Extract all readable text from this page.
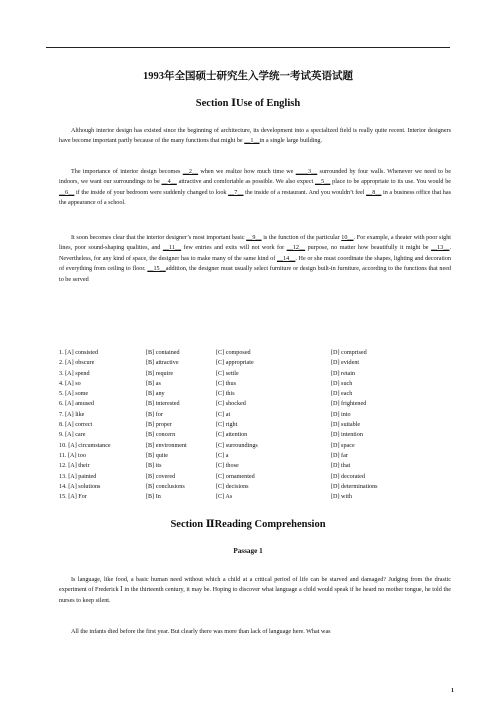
1993年全国硕士研究生入学统一考试英语试题
Section ⅠUse of English
Although interior design has existed since the beginning of architecture, its development into a specialized field is really quite recent. Interior designers have become important partly because of the many functions that might be __1__in a single large building.
The importance of interior design becomes __2__ when we realize how much time we ____3__ surrounded by four walls. Whenever we need to be indoors, we want our surroundings to be __4__ attractive and comfortable as possible. We also expect __5__ place to be appropriate to its use. You would be __6__ if the inside of your bedroom were suddenly changed to look __7__ the inside of a restaurant. And you wouldn’t feel __8__ in a business office that has the appearance of a school.
It soon becomes clear that the interior designer’s most important basic __9__ is the function of the particular 10__. For example, a theater with poor sight lines, poor sound-shaping qualities, and __11__ few entries and exits will not work for __12__ purpose, no matter how beautifully it might be __13__. Nevertheless, for any kind of space, the designer has to make many of the same kind of __14__. He or she must coordinate the shapes, lighting and decoration of everything from ceiling to floor. __15__addition, the designer must usually select furniture or design built-in furniture, according to the functions that need to be served
1. [A] consisted	[B] contained	[C] composed	[D] comprised
2. [A] obscure	[B] attractive	[C] appropriate	[D] evident
3. [A] spend	[B] require	[C] settle	[D] retain
4. [A] so	[B] as	[C] thus	[D] such
5. [A] some	[B] any	[C] this	[D] each
6. [A] amused	[B] interested	[C] shocked	[D] frightened
7. [A] like	[B] for	[C] at	[D] into
8. [A] correct	[B] proper	[C] right	[D] suitable
9. [A] care	[B] concern	[C] attention	[D] intention
10. [A] circumstance	[B] environment	[C] surroundings	[D] space
11. [A] too	[B] quite	[C] a	[D] far
12. [A] their	[B] its	[C] those	[D] that
13. [A] painted	[B] covered	[C] ornamented	[D] decorated
14. [A] solutions	[B] conclusions	[C] decisions	[D] determinations
15. [A] For	[B] In	[C] As	[D] with
Section ⅡReading Comprehension
Passage 1
Is language, like food, a basic human need without which a child at a critical period of life can be starved and damaged? Judging from the drastic experiment of Frederick Ⅰ in the thirteenth century, it may be. Hoping to discover what language a child would speak if he heard no mother tongue, he told the nurses to keep silent.
All the infants died before the first year. But clearly there was more than lack of language here. What was
1
